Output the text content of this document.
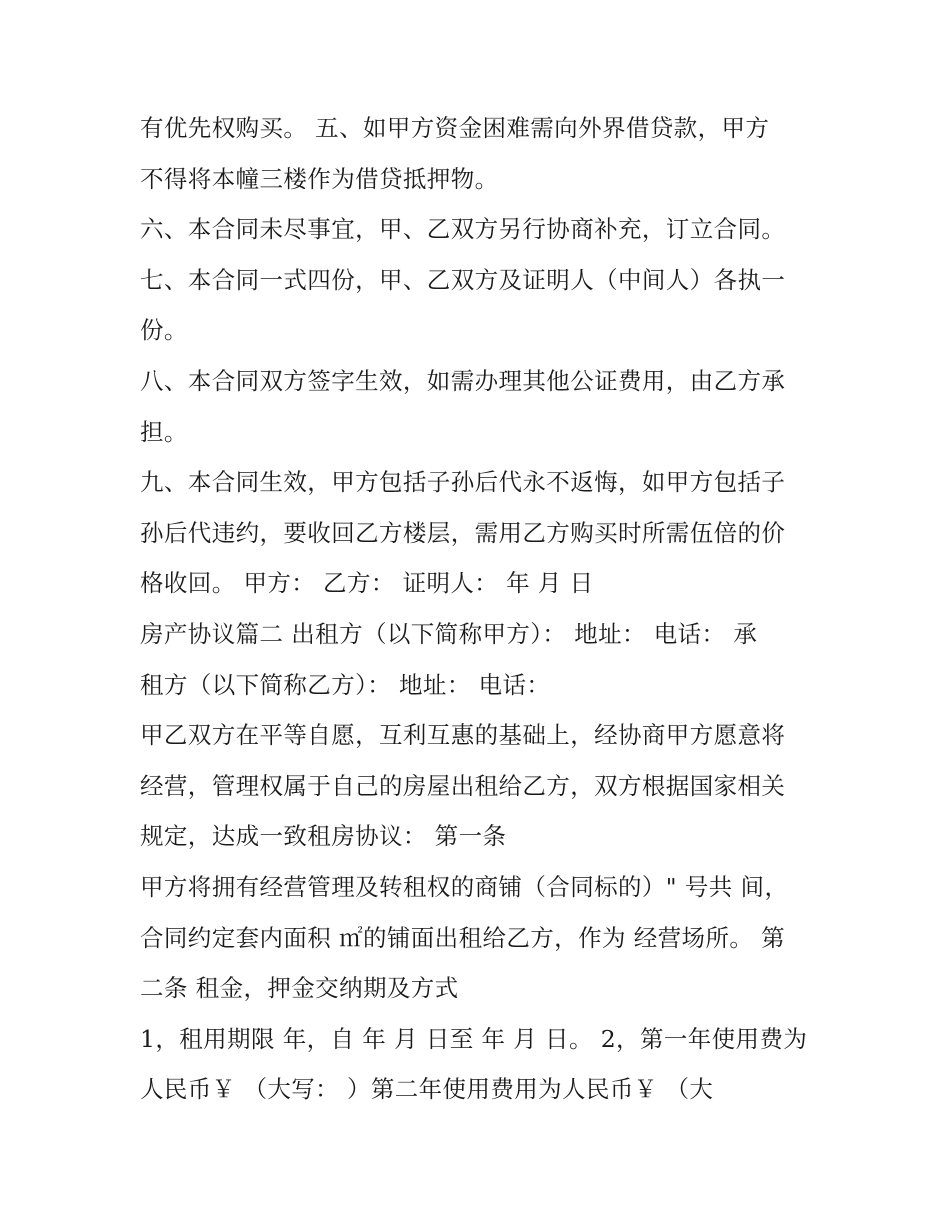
有优先权购买。 五、如甲方资金困难需向外界借贷款，甲方
不得将本幢三楼作为借贷抵押物。
六、本合同未尽事宜，甲、乙双方另行协商补充，订立合同。
七、本合同一式四份，甲、乙双方及证明人（中间人）各执一
份。
八、本合同双方签字生效，如需办理其他公证费用，由乙方承
担。
九、本合同生效，甲方包括子孙后代永不返悔，如甲方包括子
孙后代违约，要收回乙方楼层，需用乙方购买时所需伍倍的价
格收回。 甲方： 乙方： 证明人： 年 月 日
房产协议篇二 出租方（以下简称甲方）： 地址： 电话： 承
租方（以下简称乙方）： 地址： 电话：
甲乙双方在平等自愿，互利互惠的基础上，经协商甲方愿意将
经营，管理权属于自己的房屋出租给乙方，双方根据国家相关
规定，达成一致租房协议： 第一条
甲方将拥有经营管理及转租权的商铺（合同标的）" 号共 间，
合同约定套内面积 ㎡的铺面出租给乙方，作为 经营场所。 第
二条 租金，押金交纳期及方式
1，租用期限 年，自 年 月 日至 年 月 日。 2，第一年使用费为
人民币￥ （大写： ）第二年使用费用为人民币￥ （大
